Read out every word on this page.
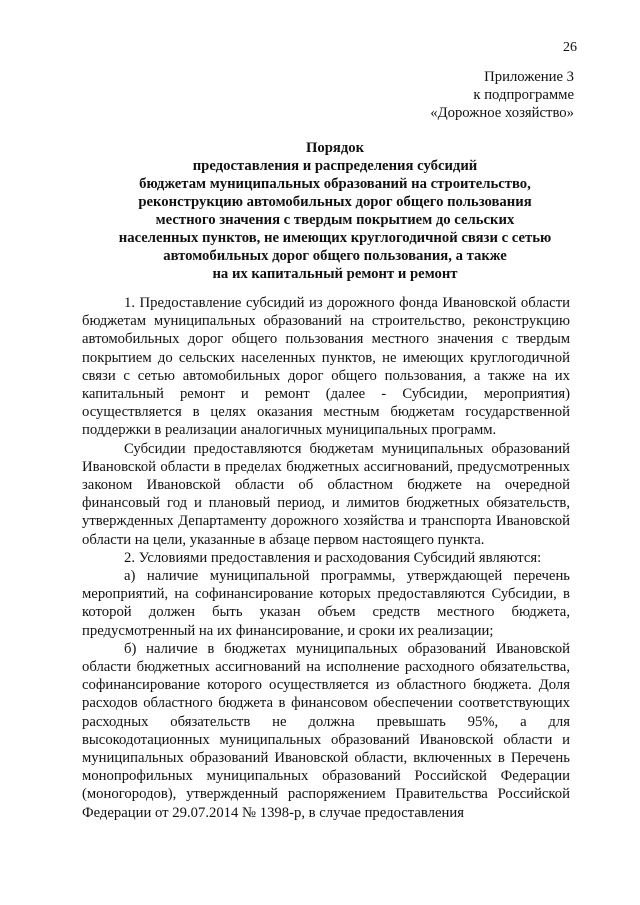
26
Приложение 3
к подпрограмме
«Дорожное хозяйство»
Порядок
предоставления и распределения субсидий
бюджетам муниципальных образований на строительство,
реконструкцию автомобильных дорог общего пользования
местного значения с твердым покрытием до сельских
населенных пунктов, не имеющих круглогодичной связи с сетью
автомобильных дорог общего пользования, а также
на их капитальный ремонт и ремонт

1. Предоставление субсидий из дорожного фонда Ивановской области бюджетам муниципальных образований на строительство, реконструкцию автомобильных дорог общего пользования местного значения с твердым покрытием до сельских населенных пунктов, не имеющих круглогодичной связи с сетью автомобильных дорог общего пользования, а также на их капитальный ремонт и ремонт (далее - Субсидии, мероприятия) осуществляется в целях оказания местным бюджетам государственной поддержки в реализации аналогичных муниципальных программ.

Субсидии предоставляются бюджетам муниципальных образований Ивановской области в пределах бюджетных ассигнований, предусмотренных законом Ивановской области об областном бюджете на очередной финансовый год и плановый период, и лимитов бюджетных обязательств, утвержденных Департаменту дорожного хозяйства и транспорта Ивановской области на цели, указанные в абзаце первом настоящего пункта.

2. Условиями предоставления и расходования Субсидий являются:

а) наличие муниципальной программы, утверждающей перечень мероприятий, на софинансирование которых предоставляются Субсидии, в которой должен быть указан объем средств местного бюджета, предусмотренный на их финансирование, и сроки их реализации;

б) наличие в бюджетах муниципальных образований Ивановской области бюджетных ассигнований на исполнение расходного обязательства, софинансирование которого осуществляется из областного бюджета. Доля расходов областного бюджета в финансовом обеспечении соответствующих расходных обязательств не должна превышать 95%, а для высокодотационных муниципальных образований Ивановской области и муниципальных образований Ивановской области, включенных в Перечень монопрофильных муниципальных образований Российской Федерации (моногородов), утвержденный распоряжением Правительства Российской Федерации от 29.07.2014 № 1398-р, в случае предоставления
